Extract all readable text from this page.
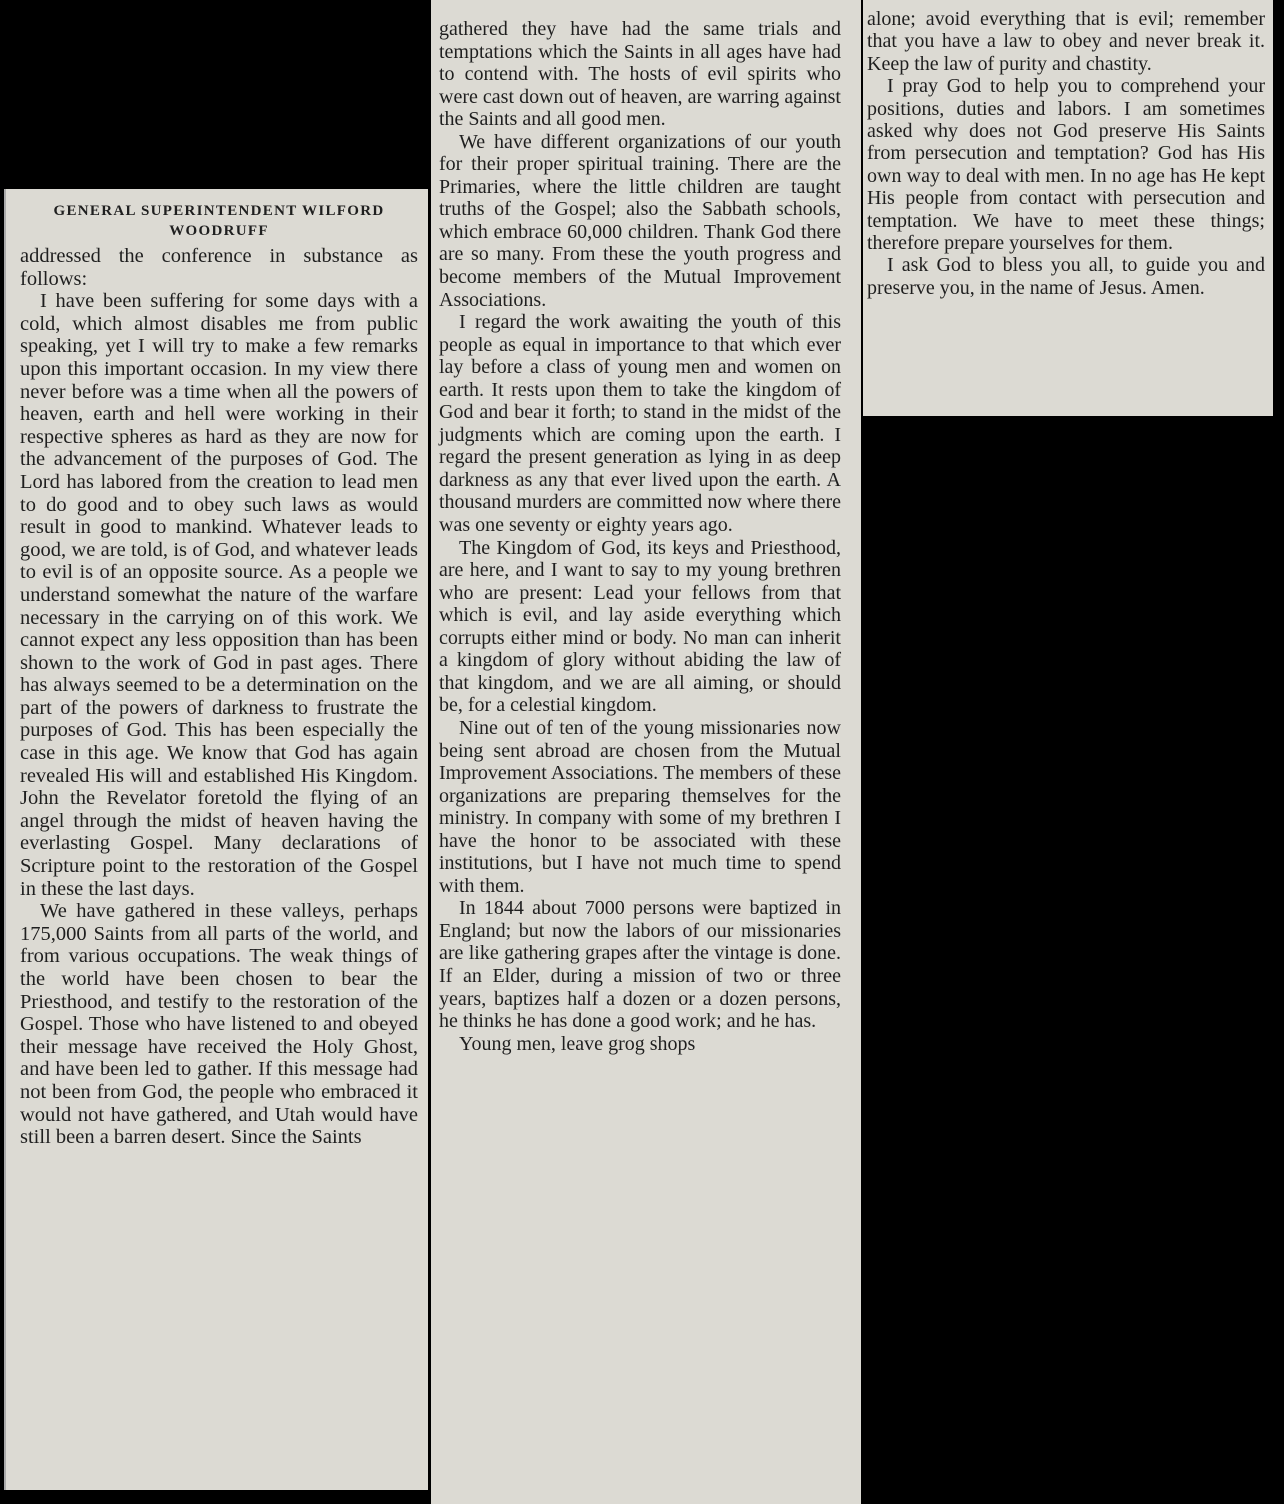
GENERAL SUPERINTENDENT WILFORD WOODRUFF

addressed the conference in substance as follows:

I have been suffering for some days with a cold, which almost disables me from public speaking, yet I will try to make a few remarks upon this important occasion. In my view there never before was a time when all the powers of heaven, earth and hell were working in their respective spheres as hard as they are now for the advancement of the purposes of God. The Lord has labored from the creation to lead men to do good and to obey such laws as would result in good to mankind. Whatever leads to good, we are told, is of God, and whatever leads to evil is of an opposite source. As a people we understand somewhat the nature of the warfare necessary in the carrying on of this work. We cannot expect any less opposition than has been shown to the work of God in past ages. There has always seemed to be a determination on the part of the powers of darkness to frustrate the purposes of God. This has been especially the case in this age. We know that God has again revealed His will and established His Kingdom. John the Revelator foretold the flying of an angel through the midst of heaven having the everlasting Gospel. Many declarations of Scripture point to the restoration of the Gospel in these the last days.

We have gathered in these valleys, perhaps 175,000 Saints from all parts of the world, and from various occupations. The weak things of the world have been chosen to bear the Priesthood, and testify to the restoration of the Gospel. Those who have listened to and obeyed their message have received the Holy Ghost, and have been led to gather. If this message had not been from God, the people who embraced it would not have gathered, and Utah would have still been a barren desert. Since the Saints

gathered they have had the same trials and temptations which the Saints in all ages have had to contend with. The hosts of evil spirits who were cast down out of heaven, are warring against the Saints and all good men.

We have different organizations of our youth for their proper spiritual training. There are the Primaries, where the little children are taught truths of the Gospel; also the Sabbath schools, which embrace 60,000 children. Thank God there are so many. From these the youth progress and become members of the Mutual Improvement Associations.

I regard the work awaiting the youth of this people as equal in importance to that which ever lay before a class of young men and women on earth. It rests upon them to take the kingdom of God and bear it forth; to stand in the midst of the judgments which are coming upon the earth. I regard the present generation as lying in as deep darkness as any that ever lived upon the earth. A thousand murders are committed now where there was one seventy or eighty years ago.

The Kingdom of God, its keys and Priesthood, are here, and I want to say to my young brethren who are present: Lead your fellows from that which is evil, and lay aside everything which corrupts either mind or body. No man can inherit a kingdom of glory without abiding the law of that kingdom, and we are all aiming, or should be, for a celestial kingdom.

Nine out of ten of the young missionaries now being sent abroad are chosen from the Mutual Improvement Associations. The members of these organizations are preparing themselves for the ministry. In company with some of my brethren I have the honor to be associated with these institutions, but I have not much time to spend with them.

In 1844 about 7000 persons were baptized in England; but now the labors of our missionaries are like gathering grapes after the vintage is done. If an Elder, during a mission of two or three years, baptizes half a dozen or a dozen persons, he thinks he has done a good work; and he has.

Young men, leave grog shops

alone; avoid everything that is evil; remember that you have a law to obey and never break it. Keep the law of purity and chastity.

I pray God to help you to comprehend your positions, duties and labors. I am sometimes asked why does not God preserve His Saints from persecution and temptation? God has His own way to deal with men. In no age has He kept His people from contact with persecution and temptation. We have to meet these things; therefore prepare yourselves for them.

I ask God to bless you all, to guide you and preserve you, in the name of Jesus. Amen.
